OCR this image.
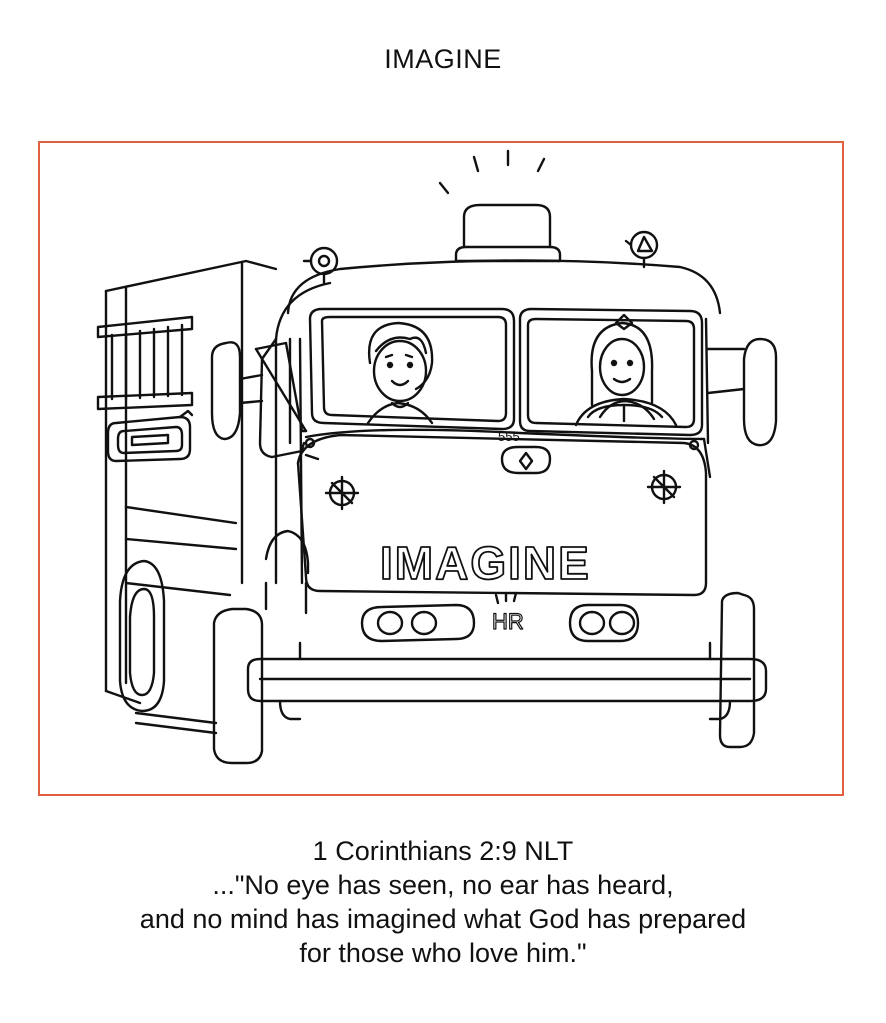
IMAGINE
555
IMAGINE
HR
1 Corinthians 2:9 NLT
..."No eye has seen, no ear has heard,
and no mind has imagined what God has prepared
for those who love him."
